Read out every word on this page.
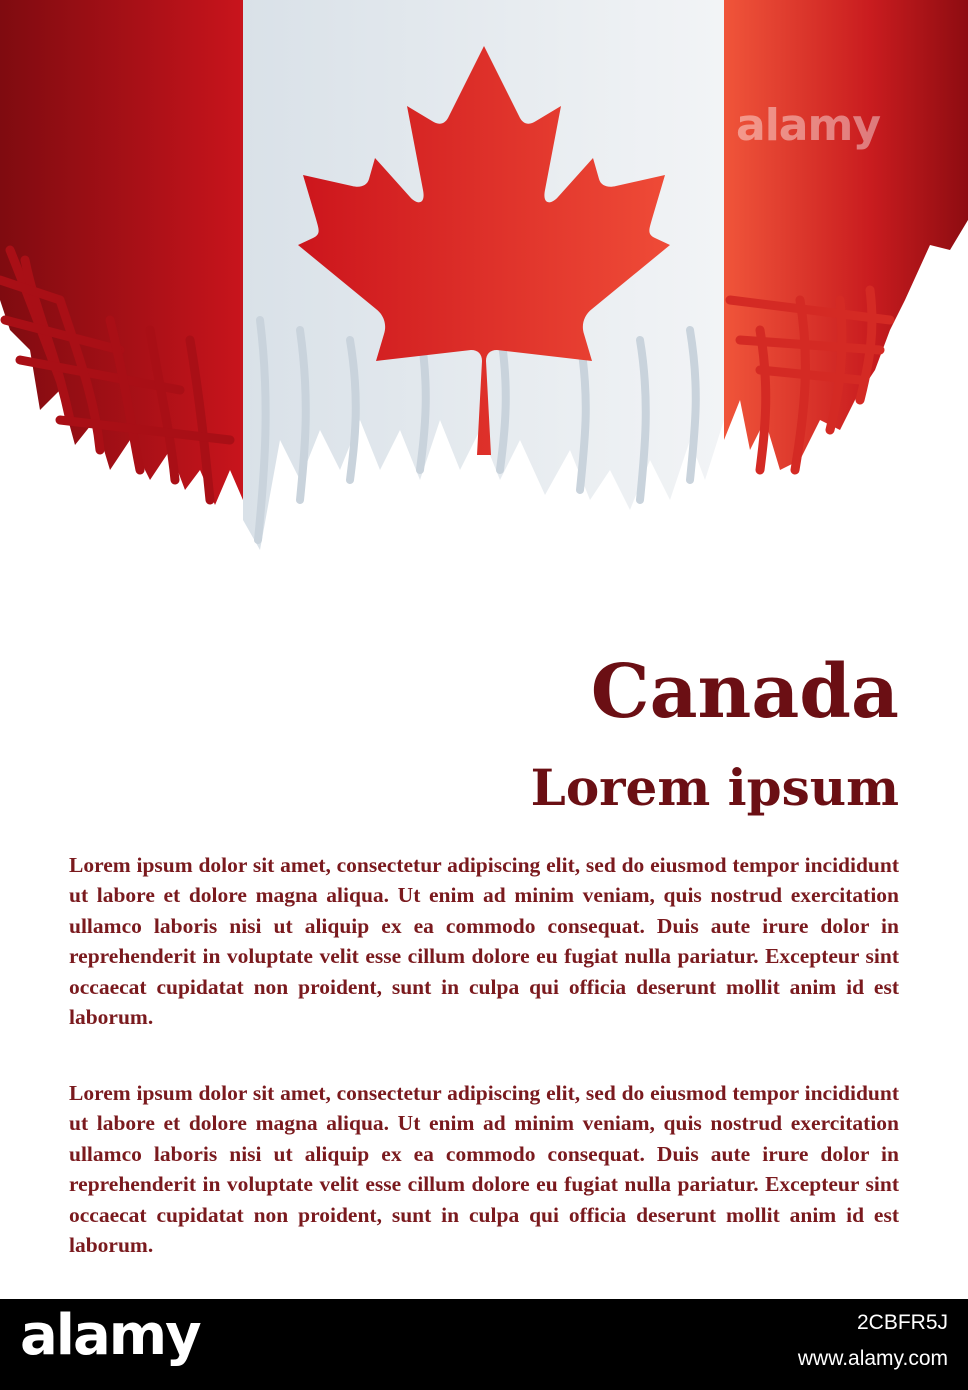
alamy
Canada
Lorem ipsum

Lorem ipsum dolor sit amet, consectetur adipiscing elit, sed do eiusmod tempor incididunt ut labore et dolore magna aliqua. Ut enim ad minim veniam, quis nostrud exercitation ullamco laboris nisi ut aliquip ex ea commodo consequat. Duis aute irure dolor in reprehenderit in voluptate velit esse cillum dolore eu fugiat nulla pariatur. Excepteur sint occaecat cupidatat non proident, sunt in culpa qui officia deserunt mollit anim id est laborum.

Lorem ipsum dolor sit amet, consectetur adipiscing elit, sed do eiusmod tempor incididunt ut labore et dolore magna aliqua. Ut enim ad minim veniam, quis nostrud exercitation ullamco laboris nisi ut aliquip ex ea commodo consequat. Duis aute irure dolor in reprehenderit in voluptate velit esse cillum dolore eu fugiat nulla pariatur. Excepteur sint occaecat cupidatat non proident, sunt in culpa qui officia deserunt mollit anim id est laborum.

alamy	2CBFR5J
www.alamy.com
